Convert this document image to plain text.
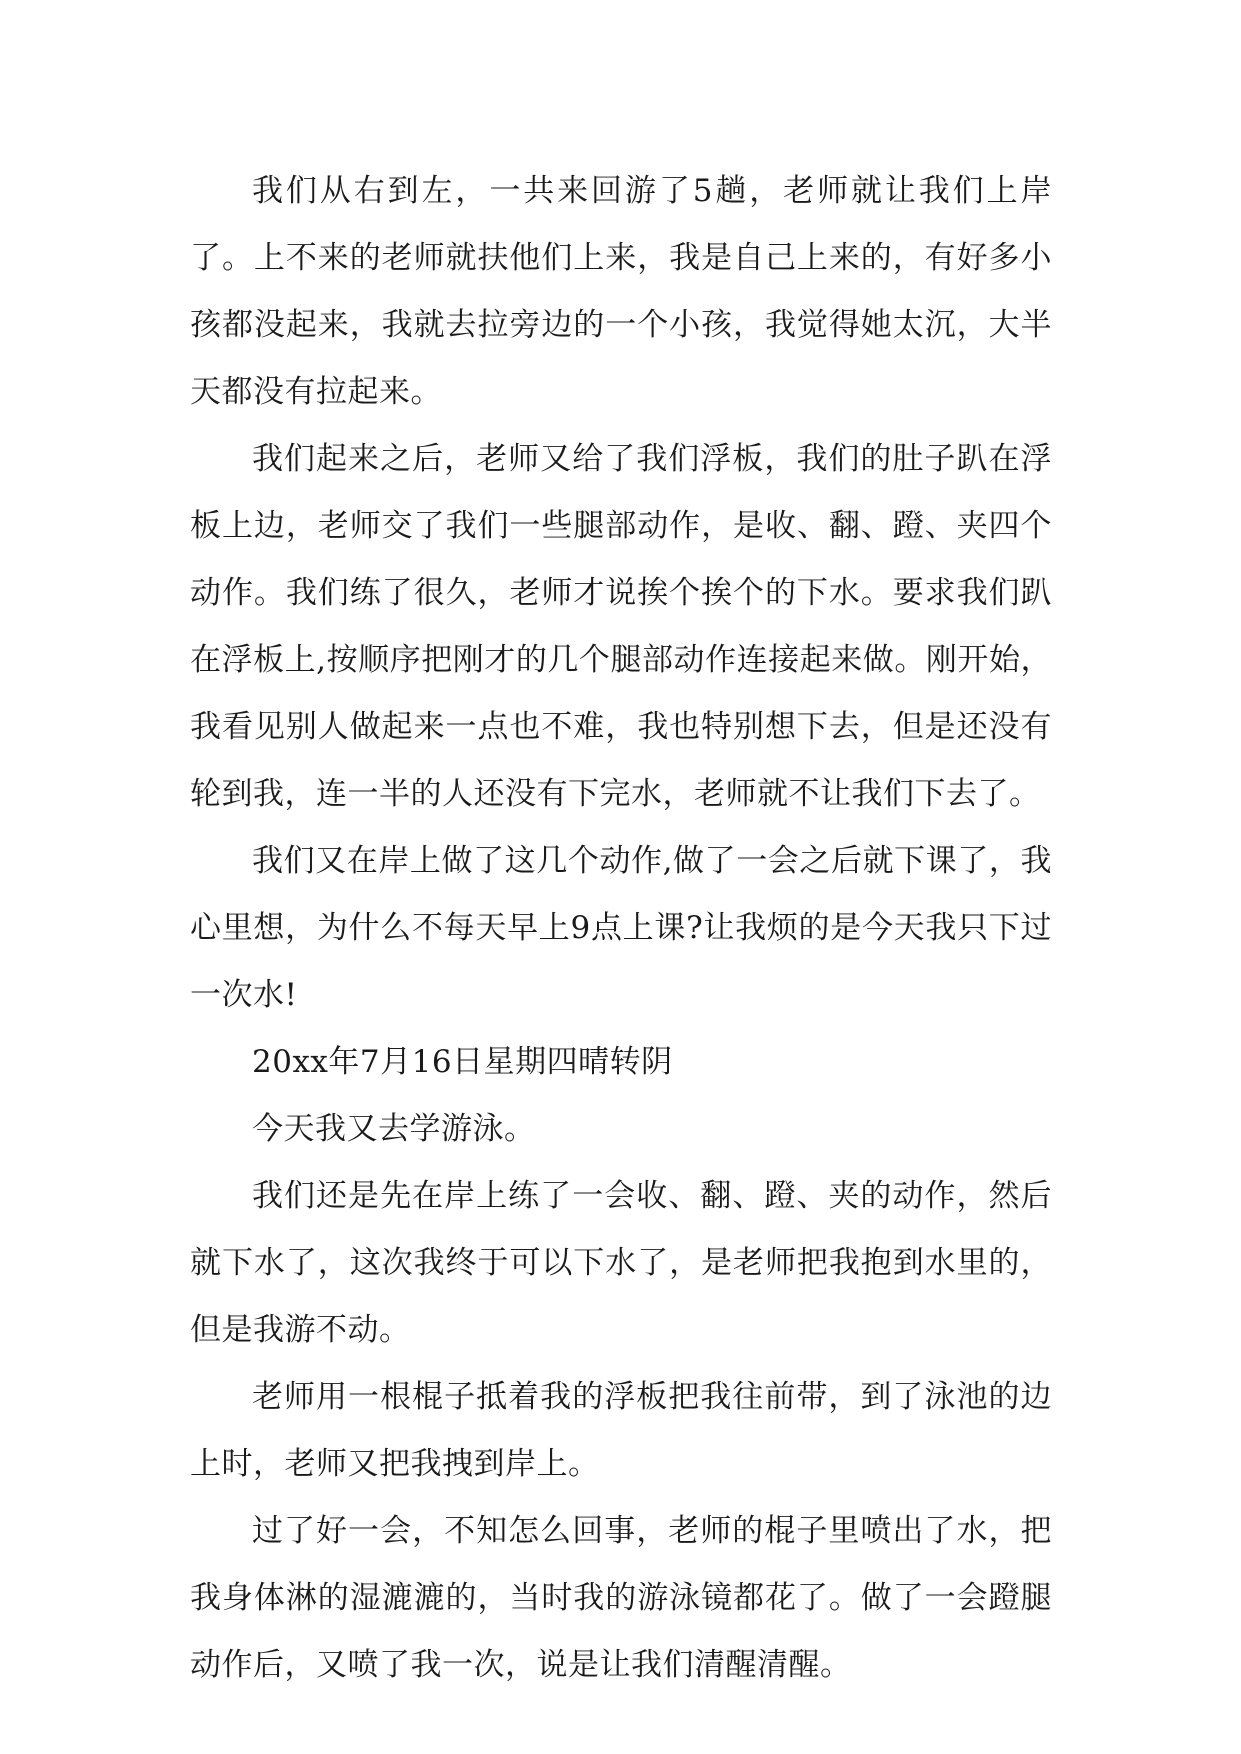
我们从右到左，一共来回游了5趟，老师就让我们上岸了。上不来的老师就扶他们上来，我是自己上来的，有好多小孩都没起来，我就去拉旁边的一个小孩，我觉得她太沉，大半天都没有拉起来。

我们起来之后，老师又给了我们浮板，我们的肚子趴在浮板上边，老师交了我们一些腿部动作，是收、翻、蹬、夹四个动作。我们练了很久，老师才说挨个挨个的下水。要求我们趴在浮板上,按顺序把刚才的几个腿部动作连接起来做。刚开始，我看见别人做起来一点也不难，我也特别想下去，但是还没有轮到我，连一半的人还没有下完水，老师就不让我们下去了。

我们又在岸上做了这几个动作,做了一会之后就下课了，我心里想，为什么不每天早上9点上课?让我烦的是今天我只下过一次水!

20xx年7月16日星期四晴转阴

今天我又去学游泳。

我们还是先在岸上练了一会收、翻、蹬、夹的动作，然后就下水了，这次我终于可以下水了，是老师把我抱到水里的，但是我游不动。

老师用一根棍子抵着我的浮板把我往前带，到了泳池的边上时，老师又把我拽到岸上。

过了好一会，不知怎么回事，老师的棍子里喷出了水，把我身体淋的湿漉漉的，当时我的游泳镜都花了。做了一会蹬腿动作后，又喷了我一次，说是让我们清醒清醒。
